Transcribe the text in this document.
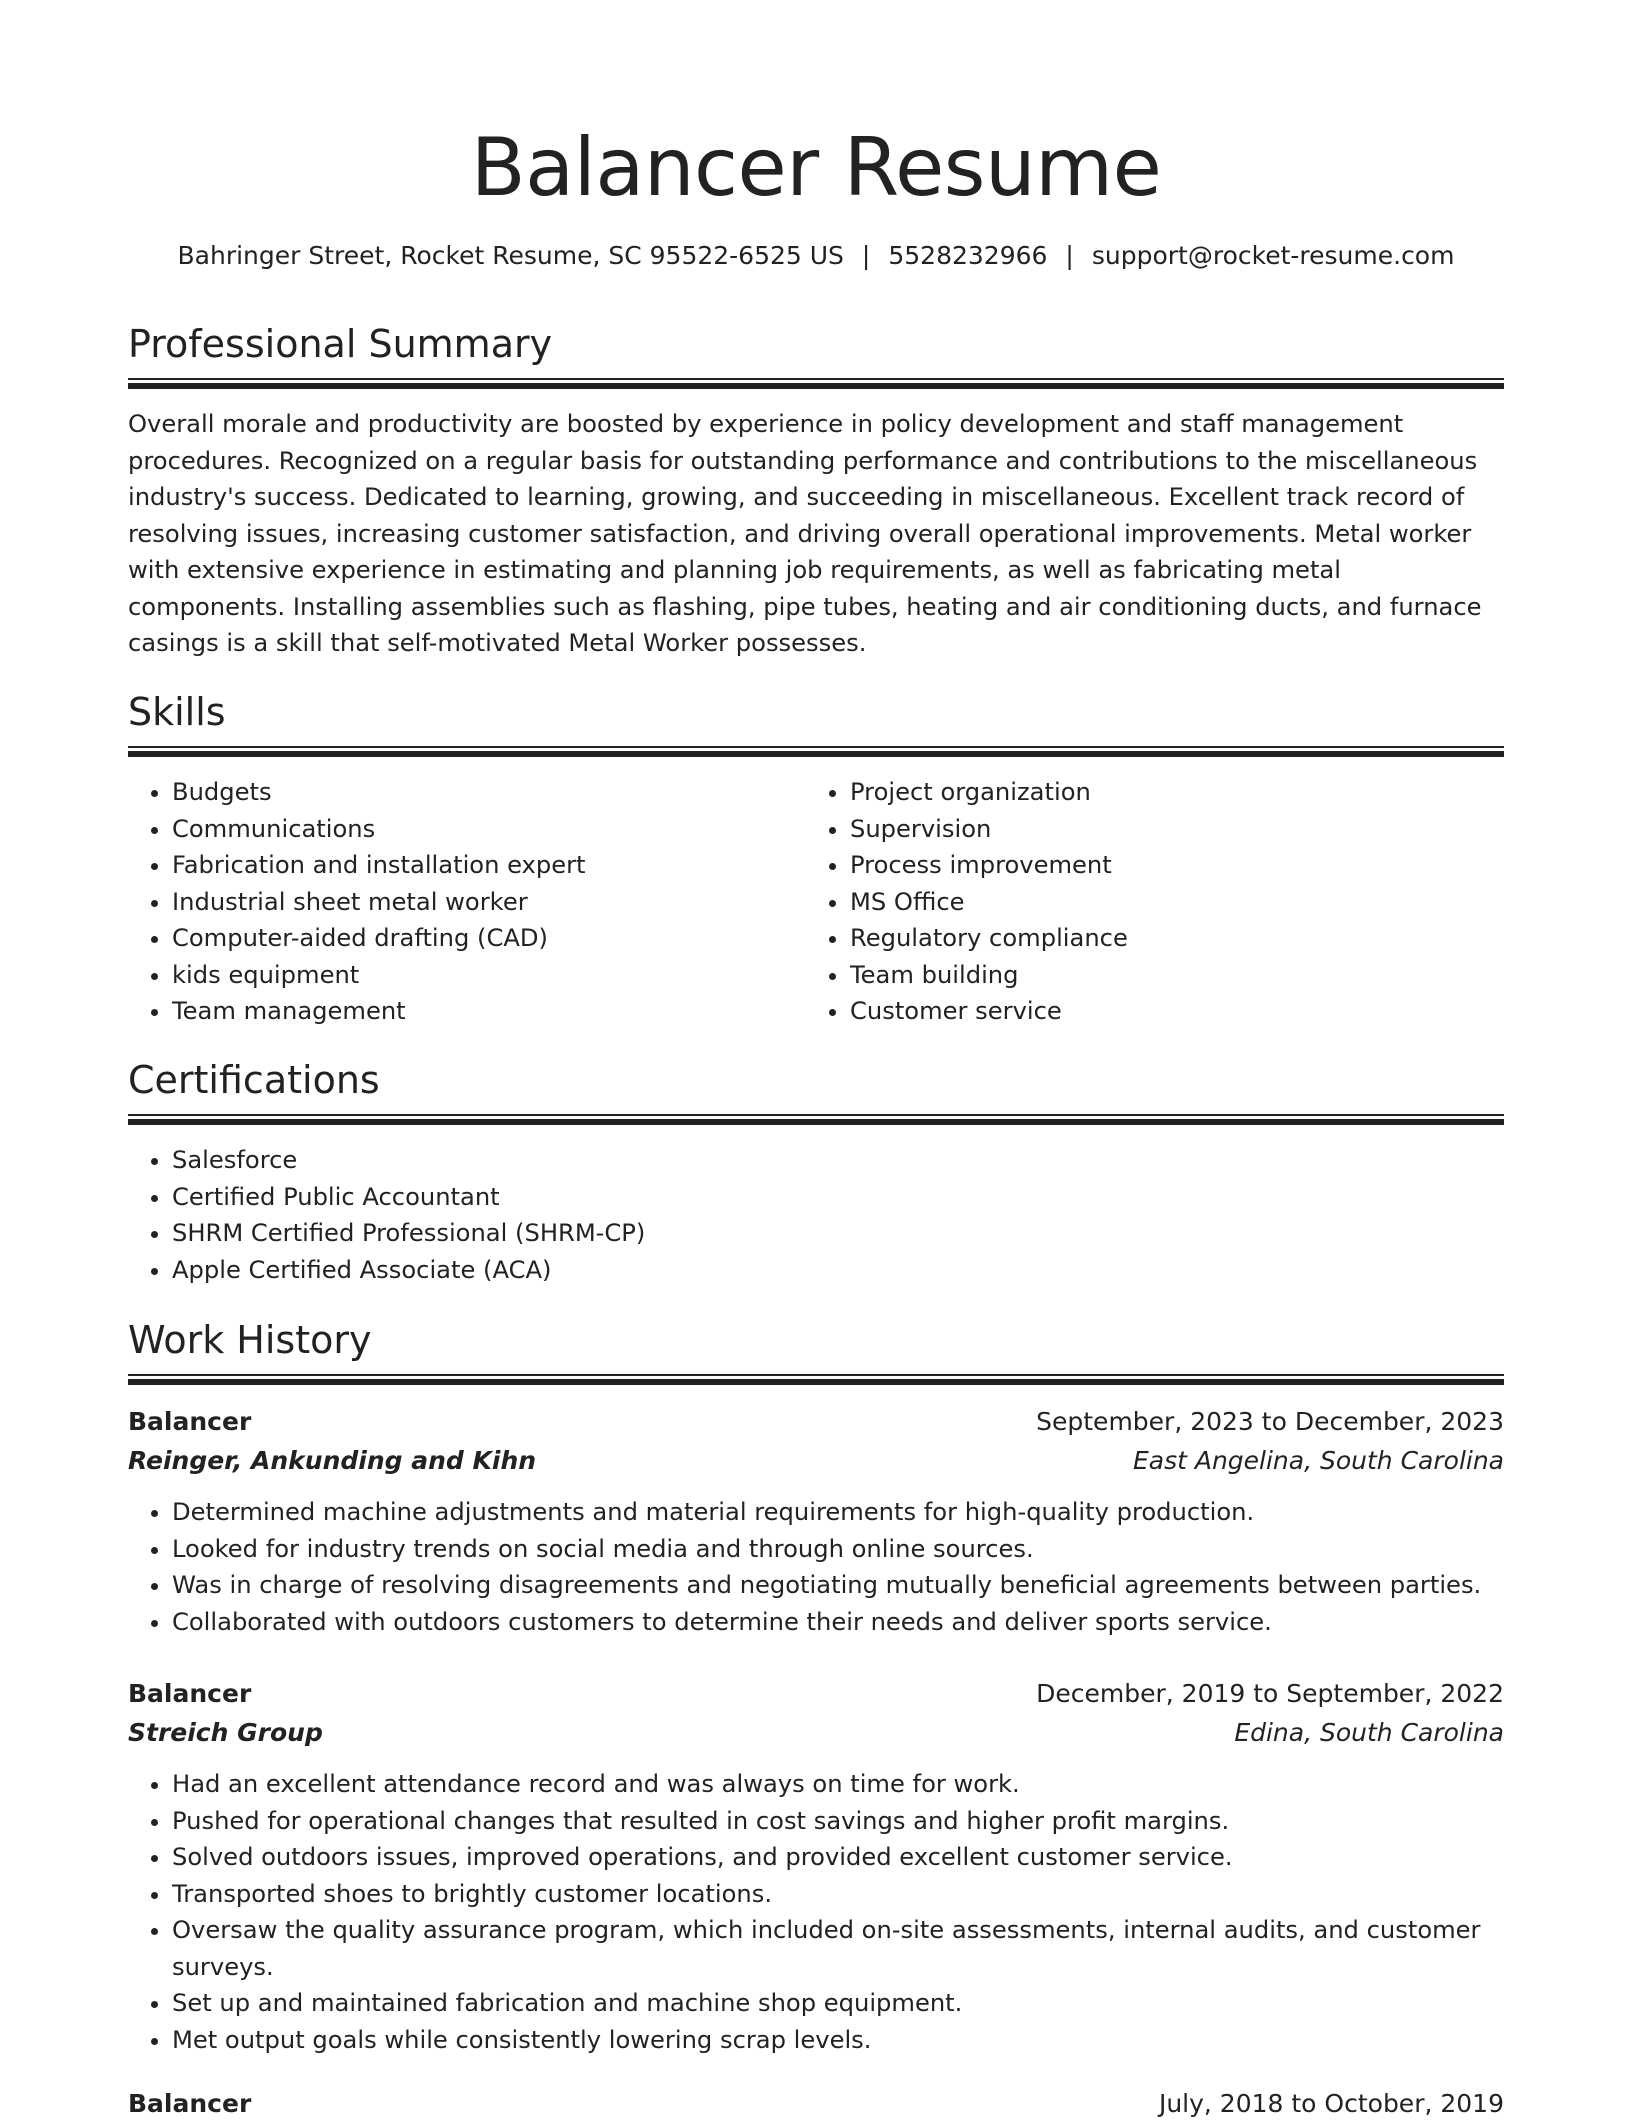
Balancer Resume
Bahringer Street, Rocket Resume, SC 95522-6525 US | 5528232966 | support@rocket-resume.com
Professional Summary

Overall morale and productivity are boosted by experience in policy development and staff management procedures. Recognized on a regular basis for outstanding performance and contributions to the miscellaneous industry's success. Dedicated to learning, growing, and succeeding in miscellaneous. Excellent track record of resolving issues, increasing customer satisfaction, and driving overall operational improvements. Metal worker with extensive experience in estimating and planning job requirements, as well as fabricating metal components. Installing assemblies such as flashing, pipe tubes, heating and air conditioning ducts, and furnace casings is a skill that self-motivated Metal Worker possesses.

Skills
• Budgets
• Communications
• Fabrication and installation expert
• Industrial sheet metal worker
• Computer-aided drafting (CAD)
• kids equipment
• Team management
• Project organization
• Supervision
• Process improvement
• MS Office
• Regulatory compliance
• Team building
• Customer service
Certifications
• Salesforce
• Certified Public Accountant
• SHRM Certified Professional (SHRM-CP)
• Apple Certified Associate (ACA)
Work History
Balancer	September, 2023 to December, 2023
Reinger, Ankunding and Kihn	East Angelina, South Carolina
• Determined machine adjustments and material requirements for high-quality production.
• Looked for industry trends on social media and through online sources.
• Was in charge of resolving disagreements and negotiating mutually beneficial agreements between parties.
• Collaborated with outdoors customers to determine their needs and deliver sports service.
Balancer	December, 2019 to September, 2022
Streich Group	Edina, South Carolina
• Had an excellent attendance record and was always on time for work.
• Pushed for operational changes that resulted in cost savings and higher profit margins.
• Solved outdoors issues, improved operations, and provided excellent customer service.
• Transported shoes to brightly customer locations.
• Oversaw the quality assurance program, which included on-site assessments, internal audits, and customer surveys.
• Set up and maintained fabrication and machine shop equipment.
• Met output goals while consistently lowering scrap levels.
Balancer	July, 2018 to October, 2019
